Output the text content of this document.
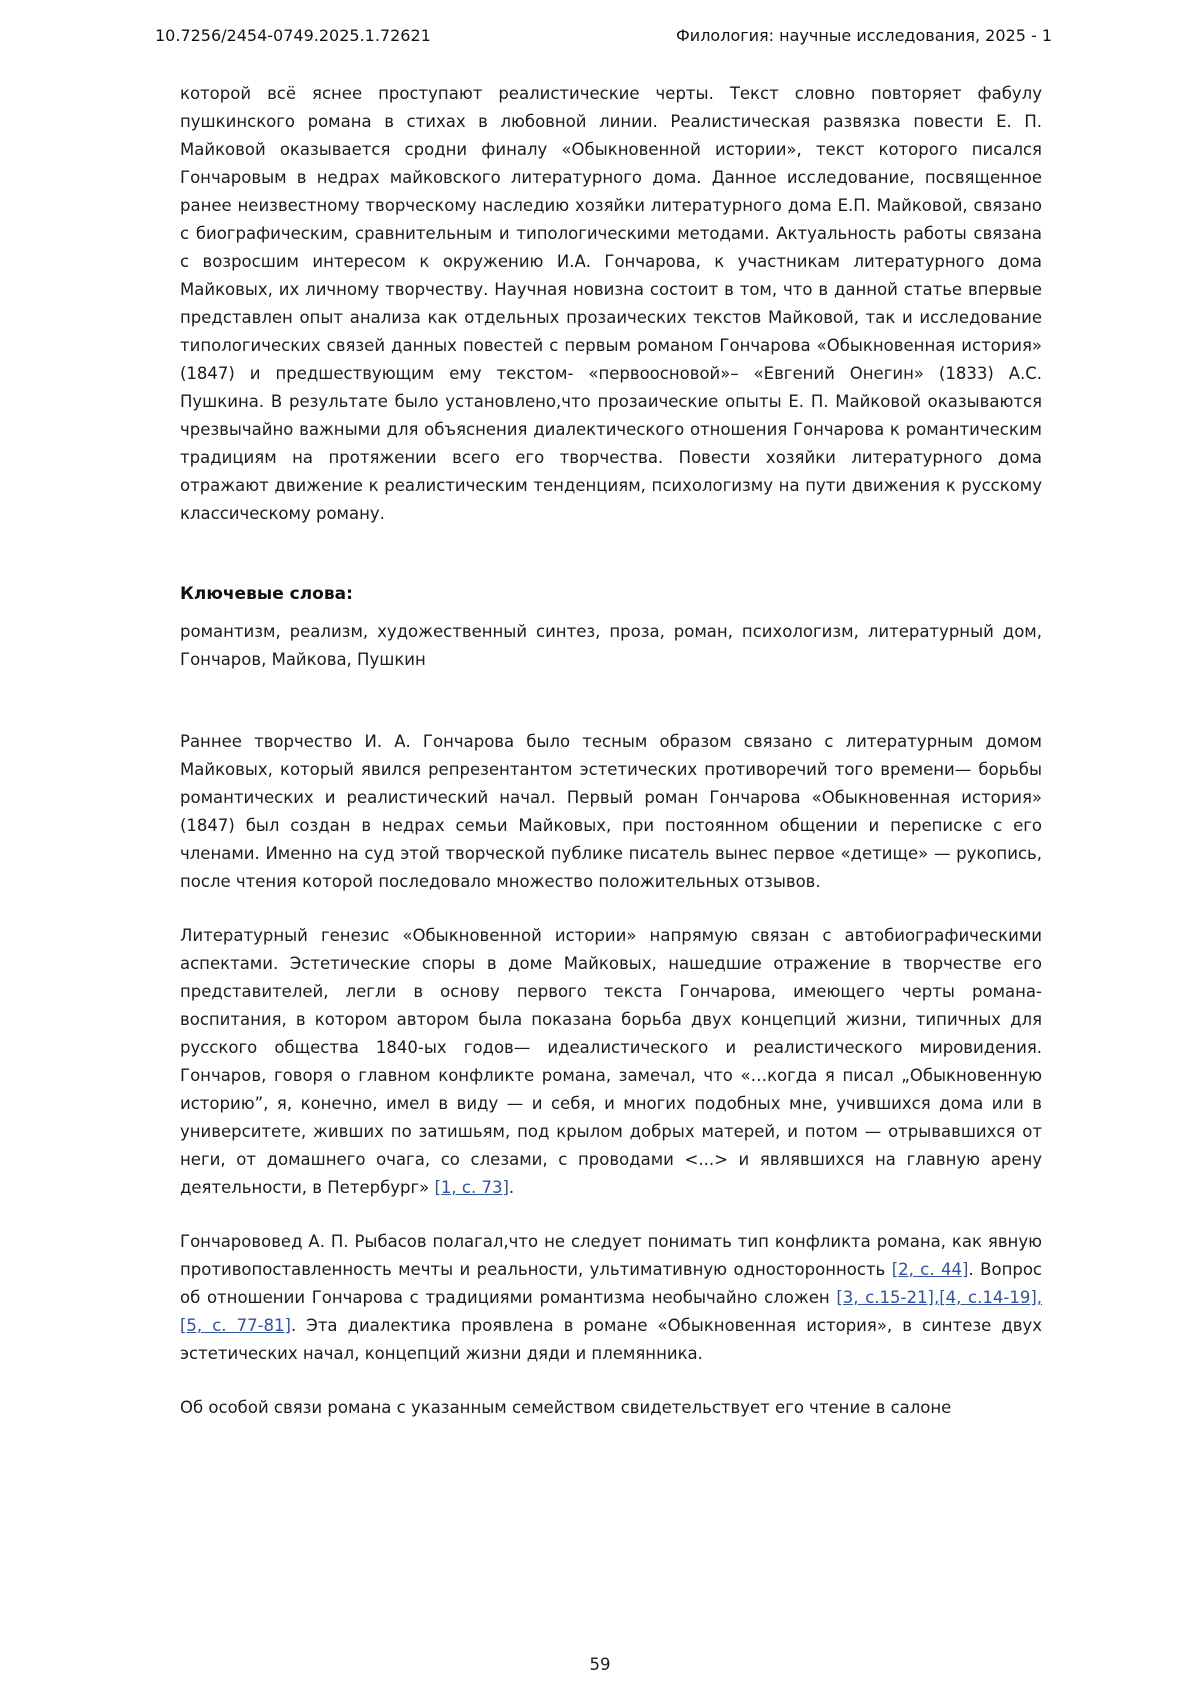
10.7256/2454-0749.2025.1.72621	Филология: научные исследования, 2025 - 1

которой всё яснее проступают реалистические черты. Текст словно повторяет фабулу пушкинского романа в стихах в любовной линии. Реалистическая развязка повести Е. П. Майковой оказывается сродни финалу «Обыкновенной истории», текст которого писался Гончаровым в недрах майковского литературного дома. Данное исследование, посвященное ранее неизвестному творческому наследию хозяйки литературного дома Е.П. Майковой, связано с биографическим, сравнительным и типологическими методами. Актуальность работы связана с возросшим интересом к окружению И.А. Гончарова, к участникам литературного дома Майковых, их личному творчеству. Научная новизна состоит в том, что в данной статье впервые представлен опыт анализа как отдельных прозаических текстов Майковой, так и исследование типологических связей данных повестей с первым романом Гончарова «Обыкновенная история» (1847) и предшествующим ему текстом- «первоосновой»– «Евгений Онегин» (1833) А.С. Пушкина. В результате было установлено,что прозаические опыты Е. П. Майковой оказываются чрезвычайно важными для объяснения диалектического отношения Гончарова к романтическим традициям на протяжении всего его творчества. Повести хозяйки литературного дома отражают движение к реалистическим тенденциям, психологизму на пути движения к русскому классическому роману.

Ключевые слова:

романтизм, реализм, художественный синтез, проза, роман, психологизм, литературный дом, Гончаров, Майкова, Пушкин

Раннее творчество И. А. Гончарова было тесным образом связано с литературным домом Майковых, который явился репрезентантом эстетических противоречий того времени— борьбы романтических и реалистический начал. Первый роман Гончарова «Обыкновенная история» (1847) был создан в недрах семьи Майковых, при постоянном общении и переписке с его членами. Именно на суд этой творческой публике писатель вынес первое «детище» — рукопись, после чтения которой последовало множество положительных отзывов.

Литературный генезис «Обыкновенной истории» напрямую связан с автобиографическими аспектами. Эстетические споры в доме Майковых, нашедшие отражение в творчестве его представителей, легли в основу первого текста Гончарова, имеющего черты романа-воспитания, в котором автором была показана борьба двух концепций жизни, типичных для русского общества 1840-ых годов— идеалистического и реалистического мировидения. Гончаров, говоря о главном конфликте романа, замечал, что «…когда я писал „Обыкновенную историю”, я, конечно, имел в виду — и себя, и многих подобных мне, учившихся дома или в университете, живших по затишьям, под крылом добрых матерей, и потом — отрывавшихся от неги, от домашнего очага, со слезами, с проводами <...> и являвшихся на главную арену деятельности, в Петербург» [1, с. 73].

Гончарововед А. П. Рыбасов полагал,что не следует понимать тип конфликта романа, как явную противопоставленность мечты и реальности, ультимативную односторонность [2, с. 44]. Вопрос об отношении Гончарова с традициями романтизма необычайно сложен [3, с.15-21],[4, с.14-19],[5, с. 77-81]. Эта диалектика проявлена в романе «Обыкновенная история», в синтезе двух эстетических начал, концепций жизни дяди и племянника.

Об особой связи романа с указанным семейством свидетельствует его чтение в салоне

59
